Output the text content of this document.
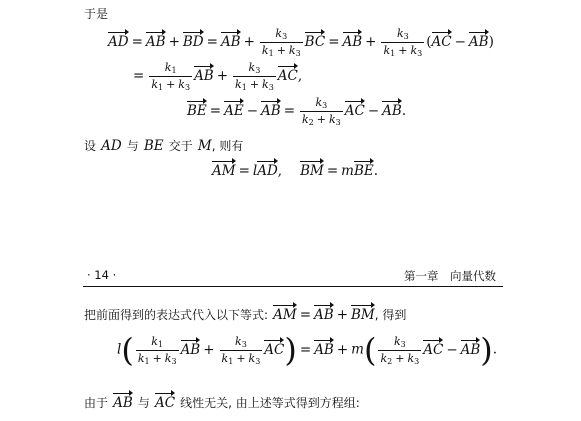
于是
AD = AB + BD = AB + $\frac{k_3}{k_1 + k_3}$ BC = AB + $\frac{k_3}{k_1 + k_3} (AC - AB)$
= $\frac{k_1}{k_1 + k_3}$ AB + $\frac{k_3}{k_1 + k_3}$ AC,
BE = AE − AB = $\frac{k_3}{k_2 + k_3}$ AC − AB.
设 AD 与 BE 交于 M, 则有
AM = lAD, BM = mBE.
· 14 ·	第一章　向量代数
把前面得到的表达式代入以下等式: AM = AB + BM, 得到
$l( \frac{k_1}{k_1 + k_3}$ AB + $\frac{k_3}{k_1 + k_3} AC$) = AB + $m( \frac{k_3}{k_2 + k_3}$ AC − AB).
由于 AB 与 AC 线性无关, 由上述等式得到方程组:
